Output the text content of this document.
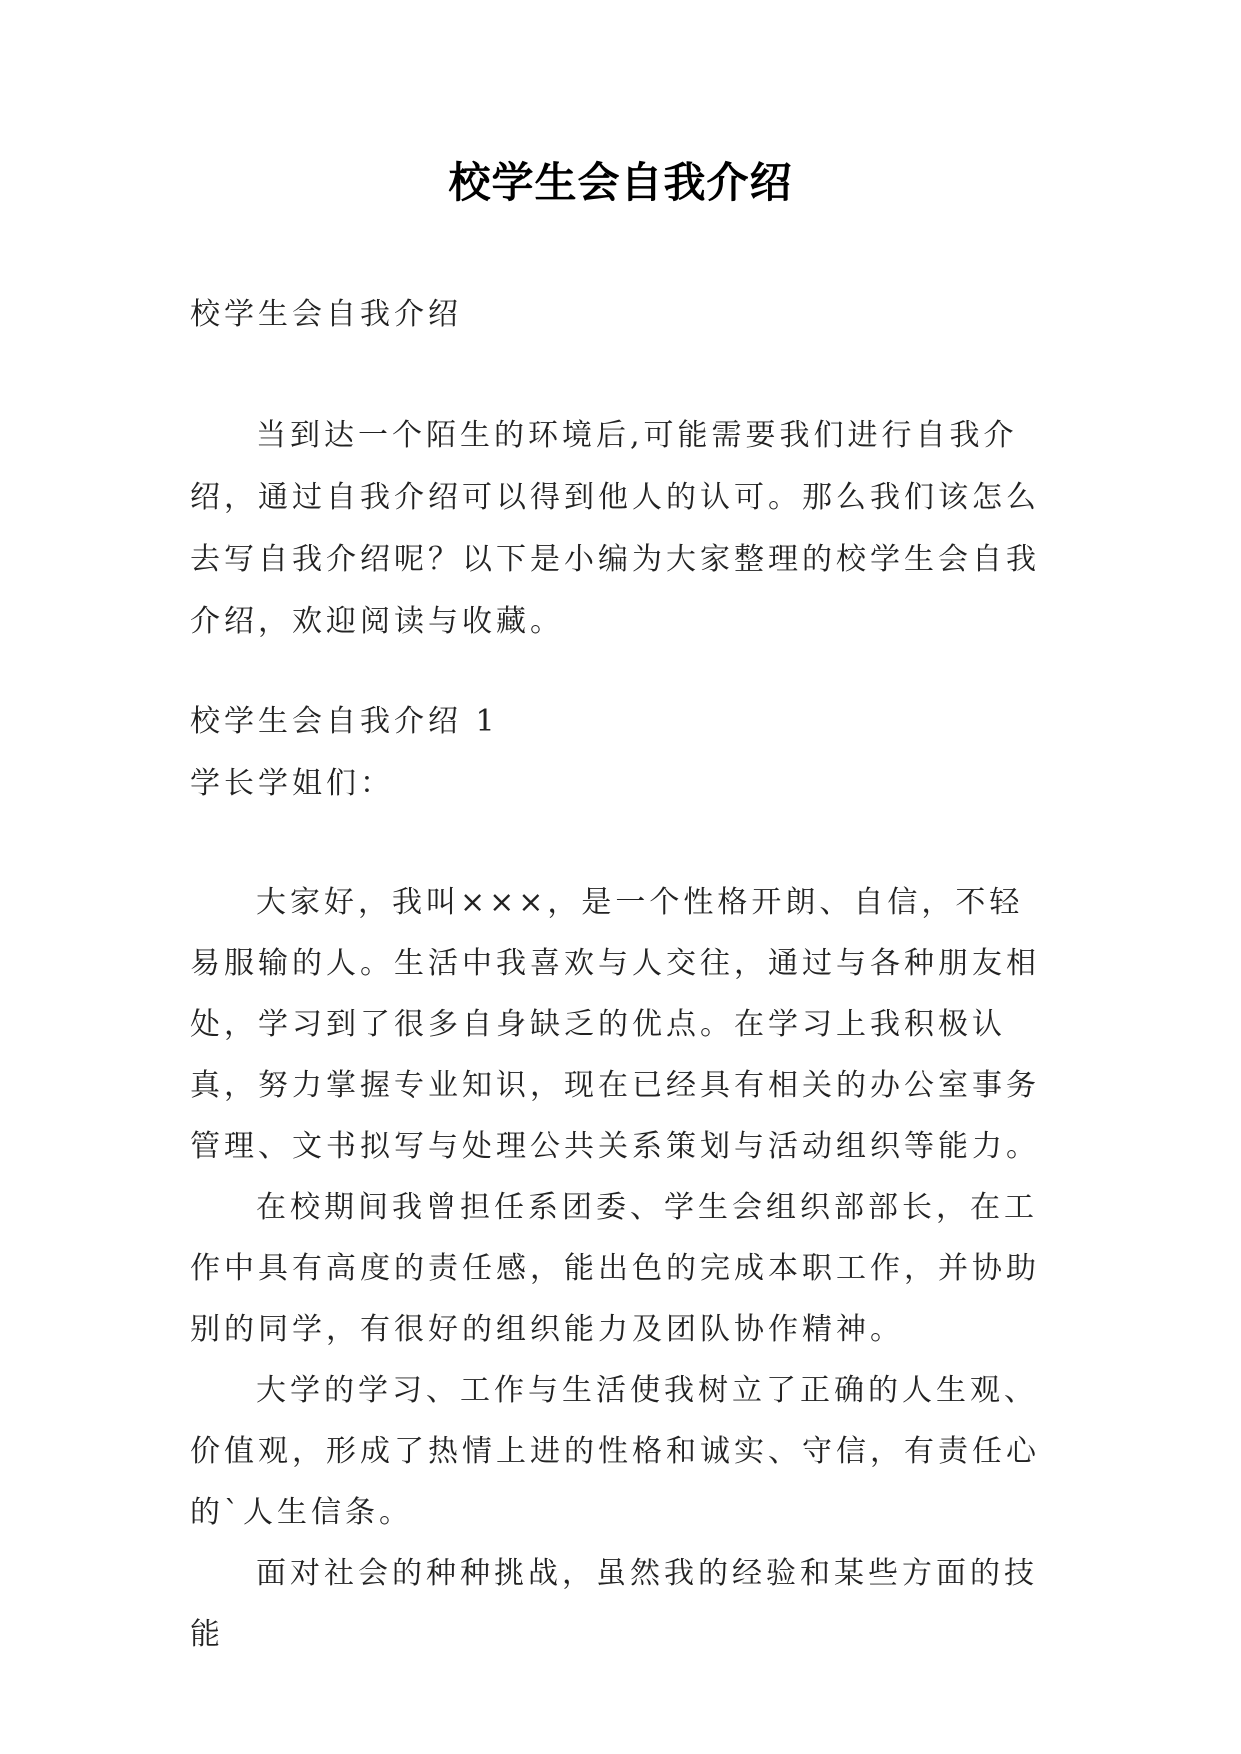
校学生会自我介绍
校学生会自我介绍

当到达一个陌生的环境后,可能需要我们进行自我介绍，通过自我介绍可以得到他人的认可。那么我们该怎么去写自我介绍呢？以下是小编为大家整理的校学生会自我介绍，欢迎阅读与收藏。

校学生会自我介绍 1
学长学姐们：

大家好，我叫×××，是一个性格开朗、自信，不轻易服输的人。生活中我喜欢与人交往，通过与各种朋友相处，学习到了很多自身缺乏的优点。在学习上我积极认真，努力掌握专业知识，现在已经具有相关的办公室事务管理、文书拟写与处理公共关系策划与活动组织等能力。

在校期间我曾担任系团委、学生会组织部部长，在工作中具有高度的责任感，能出色的完成本职工作，并协助别的同学，有很好的组织能力及团队协作精神。

大学的学习、工作与生活使我树立了正确的人生观、价值观，形成了热情上进的性格和诚实、守信，有责任心的`人生信条。

面对社会的种种挑战，虽然我的经验和某些方面的技能
